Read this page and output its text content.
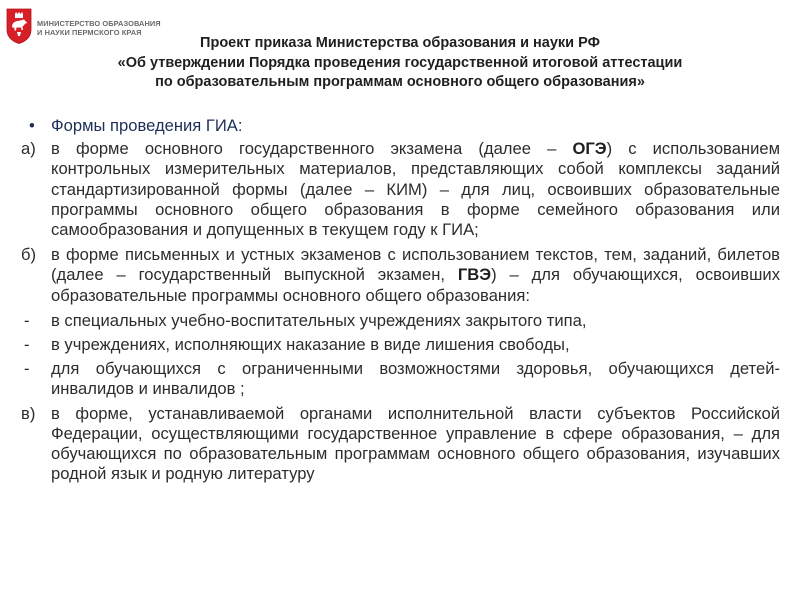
МИНИСТЕРСТВО ОБРАЗОВАНИЯ
И НАУКИ ПЕРМСКОГО КРАЯ
Проект приказа Министерства образования и науки РФ
«Об утверждении Порядка проведения государственной итоговой аттестации
по образовательным программам основного общего образования»
• Формы проведения ГИА:
а) в форме основного государственного экзамена (далее – ОГЭ) с использованием контрольных измерительных материалов, представляющих собой комплексы заданий стандартизированной формы (далее – КИМ) – для лиц, освоивших образовательные программы основного общего образования в форме семейного образования или самообразования и допущенных в текущем году к ГИА;
б) в форме письменных и устных экзаменов с использованием текстов, тем, заданий, билетов (далее – государственный выпускной экзамен, ГВЭ) – для обучающихся, освоивших образовательные программы основного общего образования:
- в специальных учебно-воспитательных учреждениях закрытого типа,
- в учреждениях, исполняющих наказание в виде лишения свободы,
- для обучающихся с ограниченными возможностями здоровья, обучающихся детей-инвалидов и инвалидов ;
в) в форме, устанавливаемой органами исполнительной власти субъектов Российской Федерации, осуществляющими государственное управление в сфере образования, – для обучающихся по образовательным программам основного общего образования, изучавших родной язык и родную литературу
